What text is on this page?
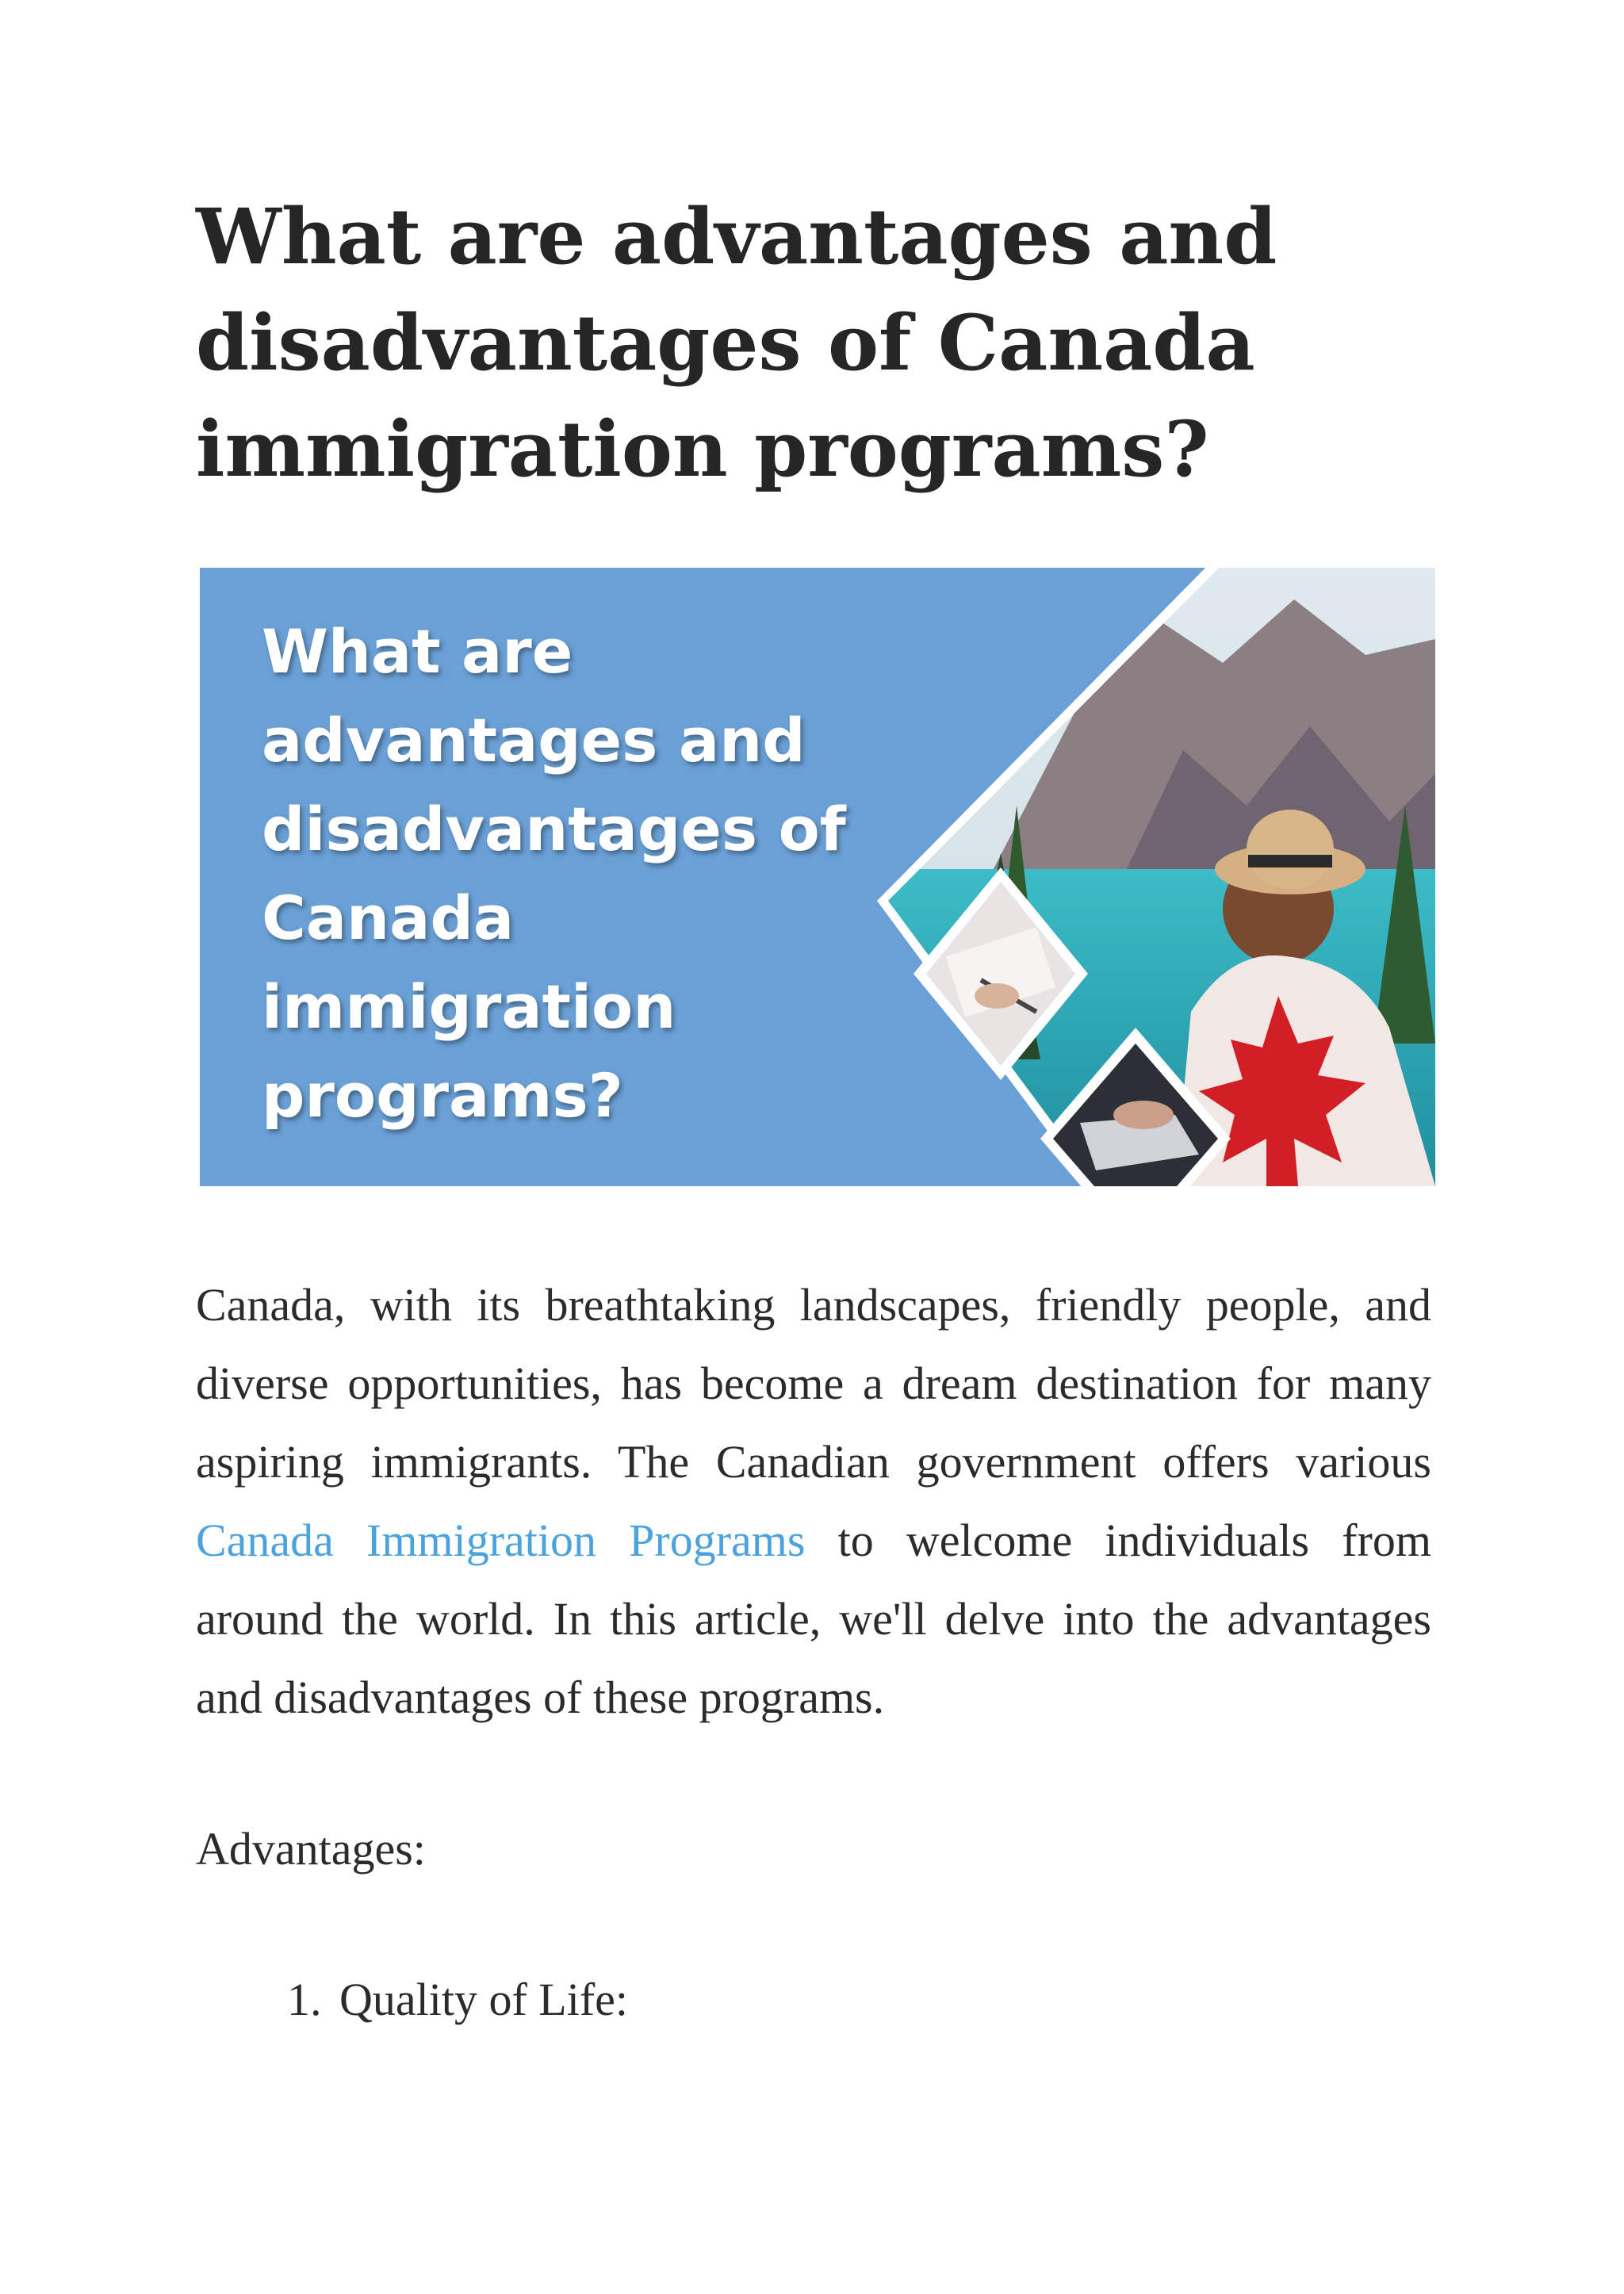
What are advantages and disadvantages of Canada immigration programs?

What are advantages and disadvantages of Canada immigration programs?

Canada, with its breathtaking landscapes, friendly people, and diverse opportunities, has become a dream destination for many aspiring immigrants. The Canadian government offers various Canada Immigration Programs to welcome individuals from around the world. In this article, we'll delve into the advantages and disadvantages of these programs.

Advantages:

1. Quality of Life:
